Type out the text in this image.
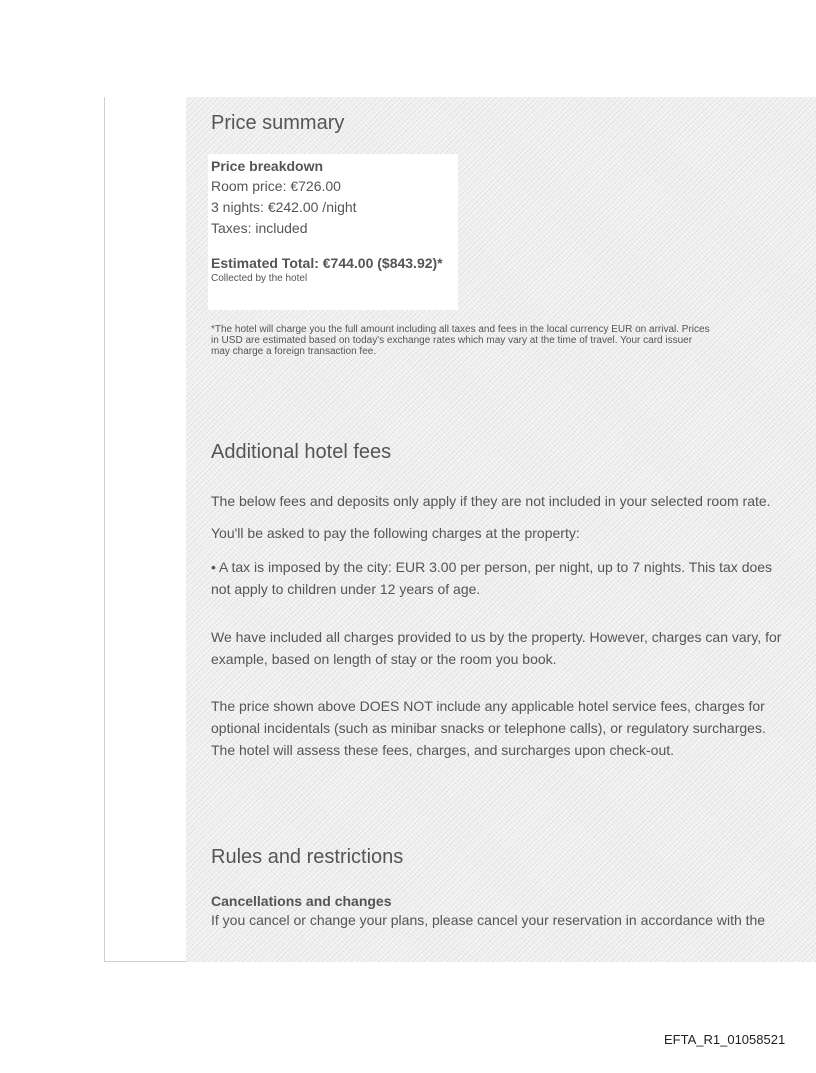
Price summary
Price breakdown
Room price: €726.00
3 nights: €242.00 /night
Taxes: included
Estimated Total: €744.00 ($843.92)*
Collected by the hotel
*The hotel will charge you the full amount including all taxes and fees in the local currency EUR on arrival. Prices
in USD are estimated based on today's exchange rates which may vary at the time of travel. Your card issuer
may charge a foreign transaction fee.
Additional hotel fees
The below fees and deposits only apply if they are not included in your selected room rate.
You'll be asked to pay the following charges at the property:
• A tax is imposed by the city: EUR 3.00 per person, per night, up to 7 nights. This tax does
not apply to children under 12 years of age.
We have included all charges provided to us by the property. However, charges can vary, for
example, based on length of stay or the room you book.
The price shown above DOES NOT include any applicable hotel service fees, charges for
optional incidentals (such as minibar snacks or telephone calls), or regulatory surcharges.
The hotel will assess these fees, charges, and surcharges upon check-out.
Rules and restrictions
Cancellations and changes
If you cancel or change your plans, please cancel your reservation in accordance with the
EFTA_R1_01058521
